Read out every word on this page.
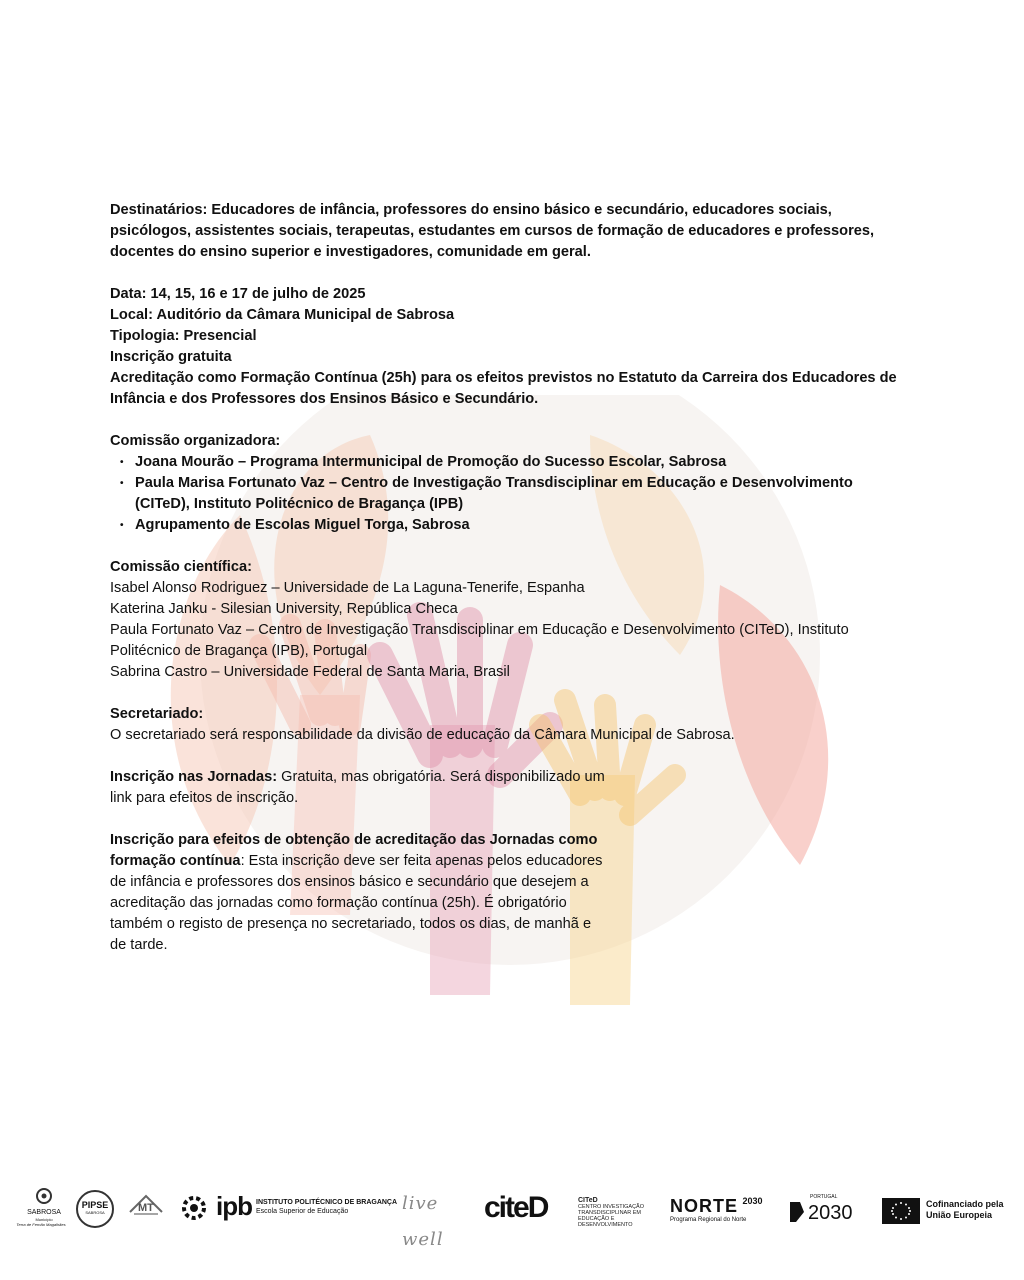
Destinatários: Educadores de infância, professores do ensino básico e secundário, educadores sociais, psicólogos, assistentes sociais, terapeutas, estudantes em cursos de formação de educadores e professores, docentes do ensino superior e investigadores, comunidade em geral.

Data: 14, 15, 16 e 17 de julho de 2025

Local: Auditório da Câmara Municipal de Sabrosa

Tipologia: Presencial

Inscrição gratuita

Acreditação como Formação Contínua (25h) para os efeitos previstos no Estatuto da Carreira dos Educadores de Infância e dos Professores dos Ensinos Básico e Secundário.

Comissão organizadora:

• Joana Mourão – Programa Intermunicipal de Promoção do Sucesso Escolar, Sabrosa
• Paula Marisa Fortunato Vaz – Centro de Investigação Transdisciplinar em Educação e Desenvolvimento (CITeD), Instituto Politécnico de Bragança (IPB)
• Agrupamento de Escolas Miguel Torga, Sabrosa

Comissão científica:

Isabel Alonso Rodriguez – Universidade de La Laguna-Tenerife, Espanha

Katerina Janku - Silesian University, República Checa

Paula Fortunato Vaz – Centro de Investigação Transdisciplinar em Educação e Desenvolvimento (CITeD), Instituto Politécnico de Bragança (IPB), Portugal

Sabrina Castro – Universidade Federal de Santa Maria, Brasil

Secretariado:

O secretariado será responsabilidade da divisão de educação da Câmara Municipal de Sabrosa.

Inscrição nas Jornadas: Gratuita, mas obrigatória. Será disponibilizado um link para efeitos de inscrição.

Inscrição para efeitos de obtenção de acreditação das Jornadas como formação contínua: Esta inscrição deve ser feita apenas pelos educadores de infância e professores dos ensinos básico e secundário que desejem a acreditação das jornadas como formação contínua (25h). É obrigatório também o registo de presença no secretariado, todos os dias, de manhã e de tarde.

SABROSA
Município
Terra de Fernão Magalhães
PIPSE
SABROSA	MT ipb INSTITUTO POLITÉCNICO DE BRAGANÇA
Escola Superior de Educação	live well
citeD	CITeD
CENTRO INVESTIGAÇÃO TRANSDISCIPLINAR EM EDUCAÇÃO E DESENVOLVIMENTO
NORTE $^{2030}$
Programa Regional do Norte
PORTUGAL
2030	Cofinanciado pela União Europeia
